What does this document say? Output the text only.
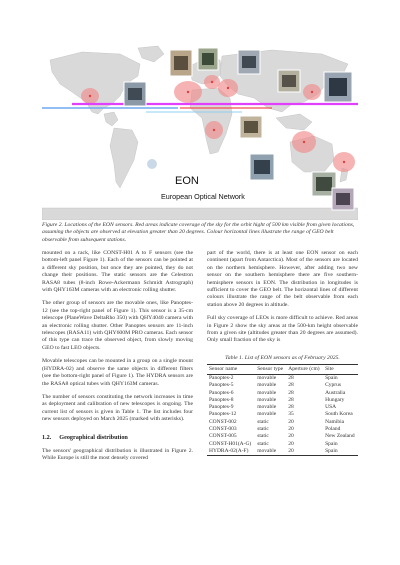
EON
European Optical Network
Figure 2. Locations of the EON sensors. Red areas indicate coverage of the sky for the orbit hight of 500 km visible from given locations, assuming the objects are observed at elevation greater than 20 degrees. Colour horizontal lines illustrate the range of GEO belt observable from subsequent stations.

mounted on a rack, like CONST-H01 A to F sensors (see the bottom-left panel Figure 1). Each of the sensors can be pointed at a different sky position, but once they are pointed, they do not change their positions. The static sensors are the Celestron RASA8 tubes (8-inch Rowe-Ackermann Schmidt Astrograph) with QHY163M cameras with an electronic rolling shutter.

The other group of sensors are the movable ones, like Panoptes-12 (see the top-right panel of Figure 1). This sensor is a 35-cm telescope (PlaneWave DeltaRho 350) with QHY4040 camera with an electronic rolling shutter. Other Panoptes sensors are 11-inch telescopes (RASA11) with QHY600M PRO cameras. Each sensor of this type can trace the observed object, from slowly moving GEO to fast LEO objects.

Movable telescopes can be mounted in a group on a single mount (HYDRA-02) and observe the same objects in different filters (see the bottom-right panel of Figure 1). The HYDRA sensors are the RASA8 optical tubes with QHY163M cameras.

The number of sensors constituting the network increases in time as deployment and calibration of new telescopes is ongoing. The current list of sensors is given in Table 1. The list includes four new sensors deployed on March 2025 (marked with asterisks).

1.2. Geographical distribution

The sensors' geographical distribution is illustrated in Figure 2. While Europe is still the most densely covered

part of the world, there is at least one EON sensor on each continent (apart from Antarctica). Most of the sensors are located on the northern hemisphere. However, after adding two new sensor on the southern hemisphere there are five southern-hemisphere sensors in EON. The distribution in longitudes is sufficient to cover the GEO belt. The horizontal lines of different colours illustrate the range of the belt observable from each station above 20 degrees in altitude.

Full sky coverage of LEOs is more difficult to achieve. Red areas in Figure 2 show the sky areas at the 500-km height observable from a given site (altitudes greater than 20 degrees are assumed). Only small fraction of the sky is

Table 1. List of EON sensors as of February 2025.
Sensor name	Sensor type	Aperture (cm)	Site
Panoptes-2	movable	28	Spain
Panoptes-5	movable	28	Cyprus
Panoptes-6	movable	28	Australia
Panoptes-8	movable	28	Hungary
Panoptes-9	movable	28	USA
Panoptes-12	movable	35	South Korea
CONST-002	static	20	Namibia
CONST-003	static	20	Poland
CONST-005	static	20	New Zealand
CONST-H01(A-G)	static	20	Spain
HYDRA-02(A-F)	movable	20	Spain
